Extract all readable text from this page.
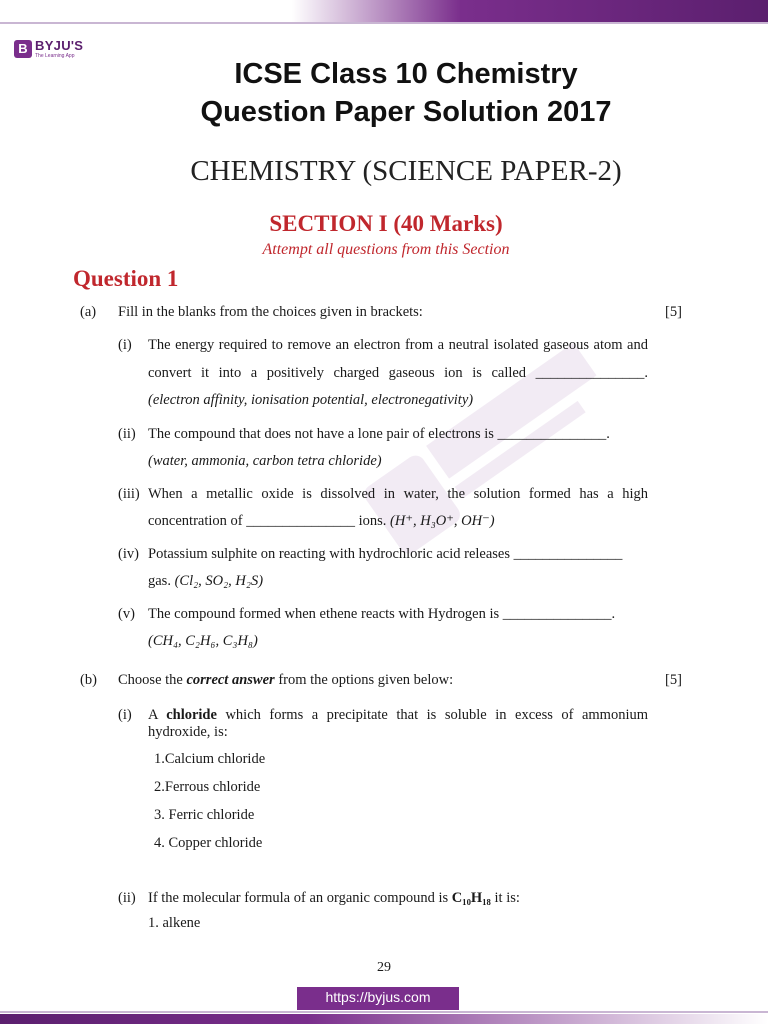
B BYJU'S
The Learning App
ICSE Class 10 Chemistry
Question Paper Solution 2017
CHEMISTRY (SCIENCE PAPER-2)
SECTION I (40 Marks)
Attempt all questions from this Section
Question 1
(a) Fill in the blanks from the choices given in brackets:	[5]
(i) The energy required to remove an electron from a neutral isolated gaseous atom and
convert it into a positively charged gaseous ion is called _______________.
(electron affinity, ionisation potential, electronegativity)
(ii) The compound that does not have a lone pair of electrons is _______________.
(water, ammonia, carbon tetra chloride)
(iii) When a metallic oxide is dissolved in water, the solution formed has a high
concentration of _______________ ions. (H⁺, H₃O⁺, OH⁻)
(iv) Potassium sulphite on reacting with hydrochloric acid releases _______________
gas. (Cl₂, SO₂, H₂S)
(v) The compound formed when ethene reacts with Hydrogen is _______________.
(CH₄, C₂H₆, C₃H₈)
(b) Choose the correct answer from the options given below:	[5]
(i) A chloride which forms a precipitate that is soluble in excess of ammonium
hydroxide, is:
1.Calcium chloride
2.Ferrous chloride
3. Ferric chloride
4. Copper chloride
(ii) If the molecular formula of an organic compound is C₁₀H₁₈ it is:
1. alkene
29
https://byjus.com
